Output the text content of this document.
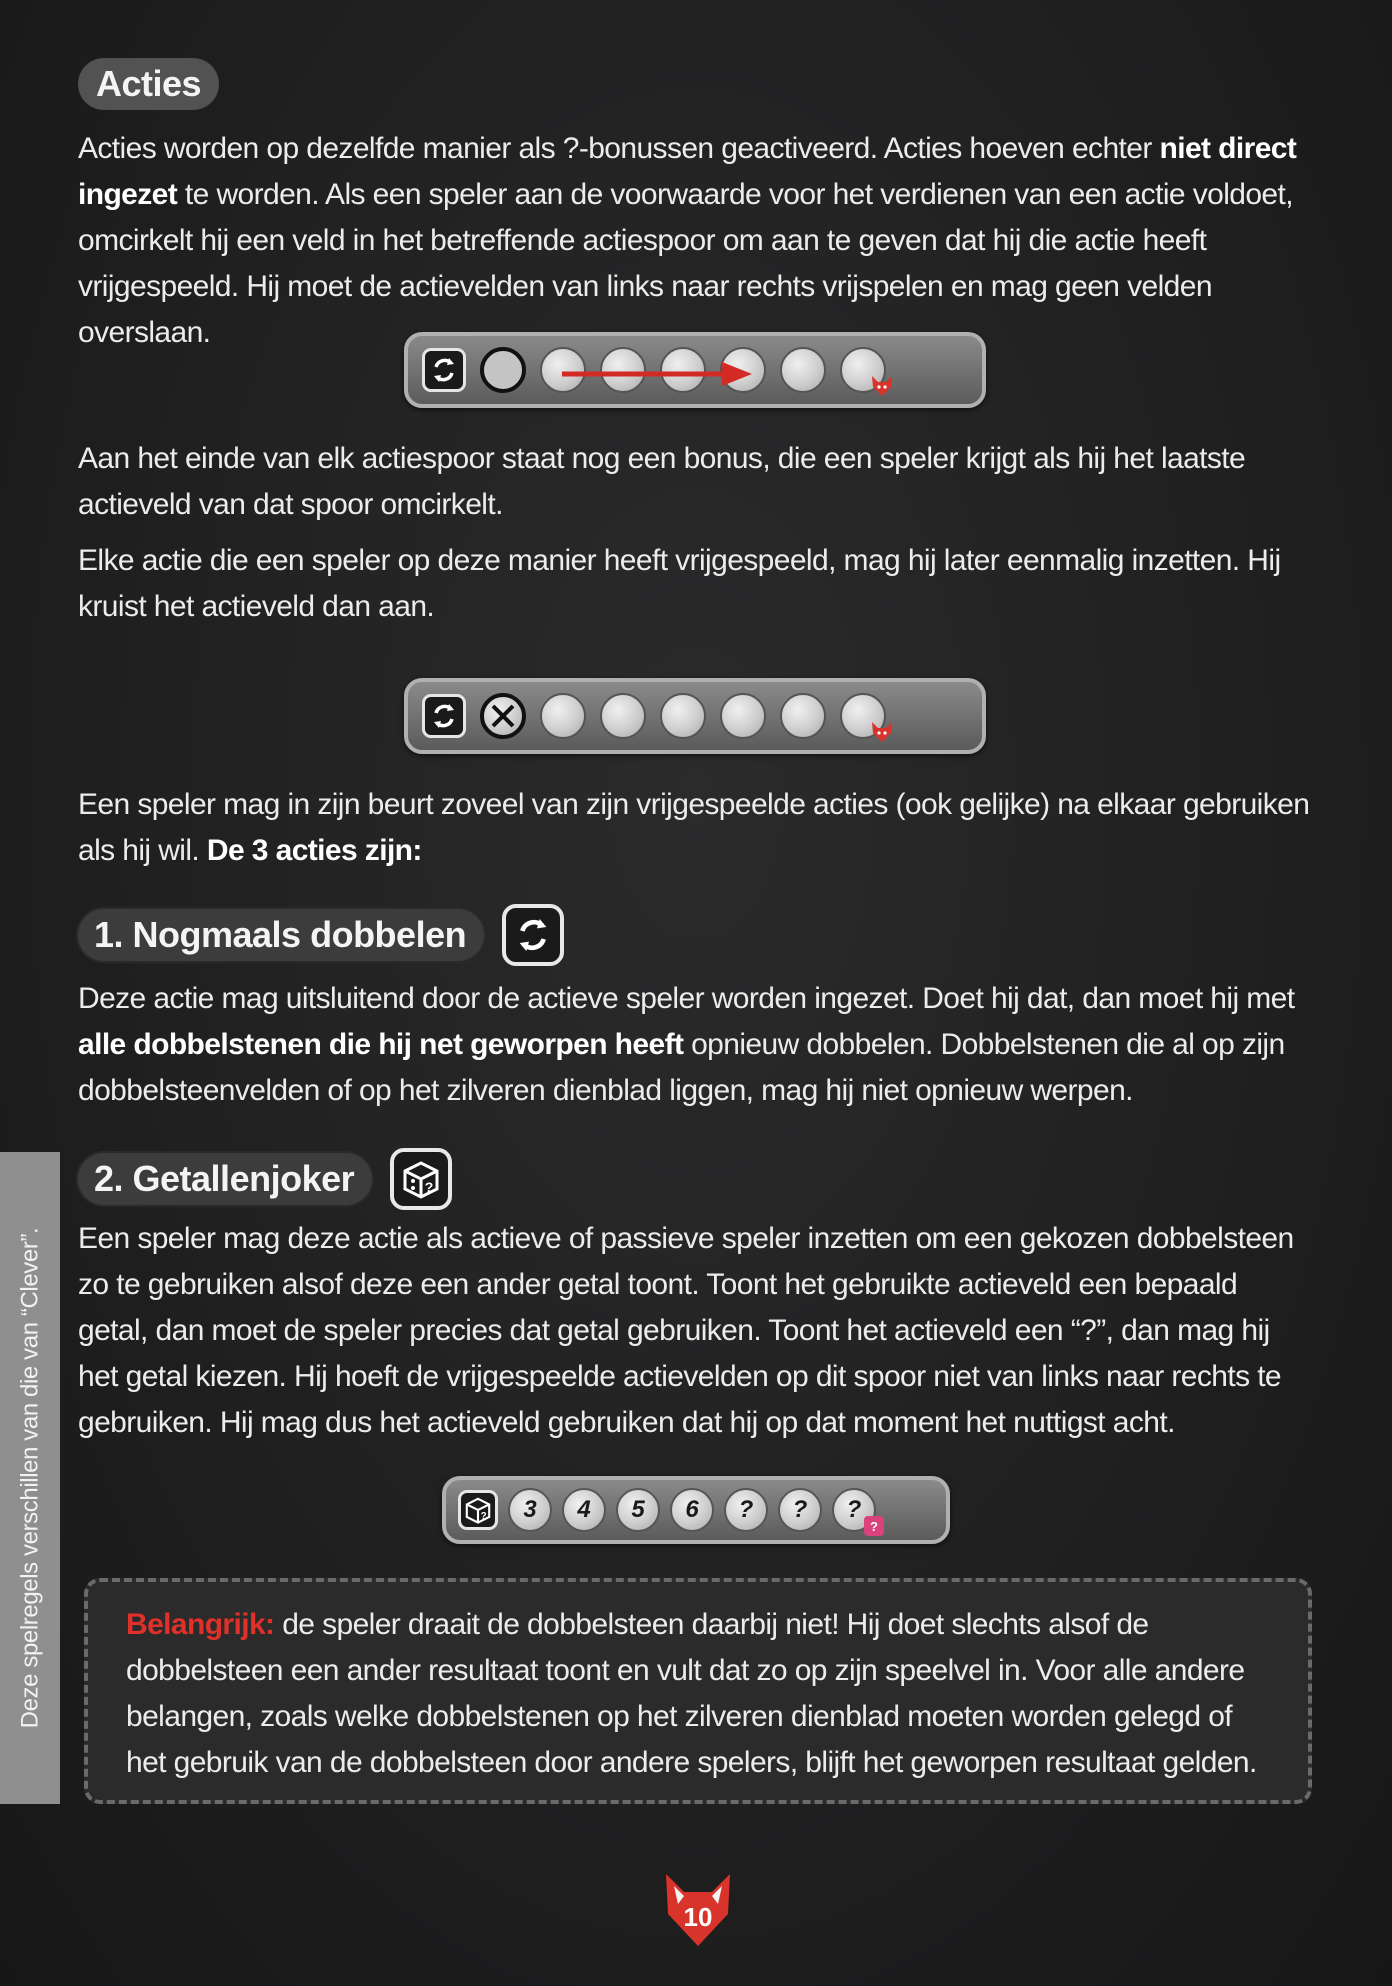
Acties

Acties worden op dezelfde manier als ?-bonussen geactiveerd. Acties hoeven echter niet direct ingezet te worden. Als een speler aan de voorwaarde voor het verdienen van een actie voldoet, omcirkelt hij een veld in het betreffende actiespoor om aan te geven dat hij die actie heeft vrijgespeeld. Hij moet de actievelden van links naar rechts vrijspelen en mag geen velden overslaan.

Aan het einde van elk actiespoor staat nog een bonus, die een speler krijgt als hij het laatste actieveld van dat spoor omcirkelt.

Elke actie die een speler op deze manier heeft vrijgespeeld, mag hij later eenmalig inzetten. Hij kruist het actieveld dan aan.

Een speler mag in zijn beurt zoveel van zijn vrijgespeelde acties (ook gelijke) na elkaar gebruiken als hij wil. De 3 acties zijn:

1. Nogmaals dobbelen

Deze actie mag uitsluitend door de actieve speler worden ingezet. Doet hij dat, dan moet hij met alle dobbelstenen die hij net geworpen heeft opnieuw dobbelen. Dobbelstenen die al op zijn dobbelsteenvelden of op het zilveren dienblad liggen, mag hij niet opnieuw werpen.

2. Getallenjoker	?

Een speler mag deze actie als actieve of passieve speler inzetten om een gekozen dobbelsteen zo te gebruiken alsof deze een ander getal toont. Toont het gebruikte actieveld een bepaald getal, dan moet de speler precies dat getal gebruiken. Toont het actieveld een “?”, dan mag hij het getal kiezen. Hij hoeft de vrijgespeelde actievelden op dit spoor niet van links naar rechts te gebruiken. Hij mag dus het actieveld gebruiken dat hij op dat moment het nuttigst acht.

?	3	4	5	6	?	?	?
?

Belangrijk: de speler draait de dobbelsteen daarbij niet! Hij doet slechts alsof de dobbelsteen een ander resultaat toont en vult dat zo op zijn speelvel in. Voor alle andere belangen, zoals welke dobbelstenen op het zilveren dienblad moeten worden gelegd of het gebruik van de dobbelsteen door andere spelers, blijft het geworpen resultaat gelden.

Deze spelregels verschillen van die van “Clever”.
10
